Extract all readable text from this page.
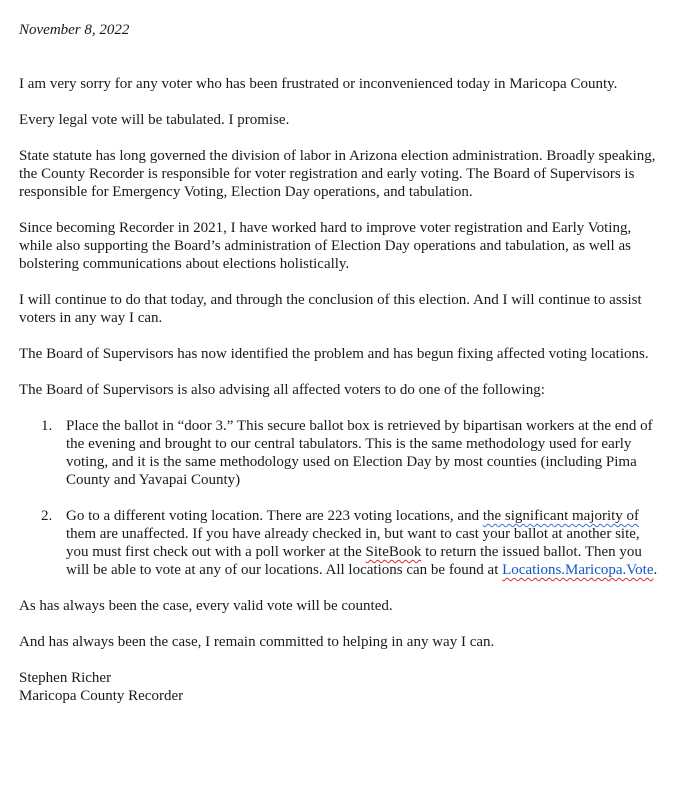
November 8, 2022

I am very sorry for any voter who has been frustrated or inconvenienced today in Maricopa County.

Every legal vote will be tabulated. I promise.

State statute has long governed the division of labor in Arizona election administration. Broadly speaking, the County Recorder is responsible for voter registration and early voting. The Board of Supervisors is responsible for Emergency Voting, Election Day operations, and tabulation.

Since becoming Recorder in 2021, I have worked hard to improve voter registration and Early Voting, while also supporting the Board’s administration of Election Day operations and tabulation, as well as bolstering communications about elections holistically.

I will continue to do that today, and through the conclusion of this election. And I will continue to assist voters in any way I can.

The Board of Supervisors has now identified the problem and has begun fixing affected voting locations.

The Board of Supervisors is also advising all affected voters to do one of the following:

1. Place the ballot in “door 3.” This secure ballot box is retrieved by bipartisan workers at the end of the evening and brought to our central tabulators. This is the same methodology used for early voting, and it is the same methodology used on Election Day by most counties (including Pima County and Yavapai County)
2. Go to a different voting location. There are 223 voting locations, and the significant majority of them are unaffected. If you have already checked in, but want to cast your ballot at another site, you must first check out with a poll worker at the SiteBook to return the issued ballot. Then you will be able to vote at any of our locations. All locations can be found at Locations.Maricopa.Vote.

As has always been the case, every valid vote will be counted.

And has always been the case, I remain committed to helping in any way I can.

Stephen Richer

Maricopa County Recorder
